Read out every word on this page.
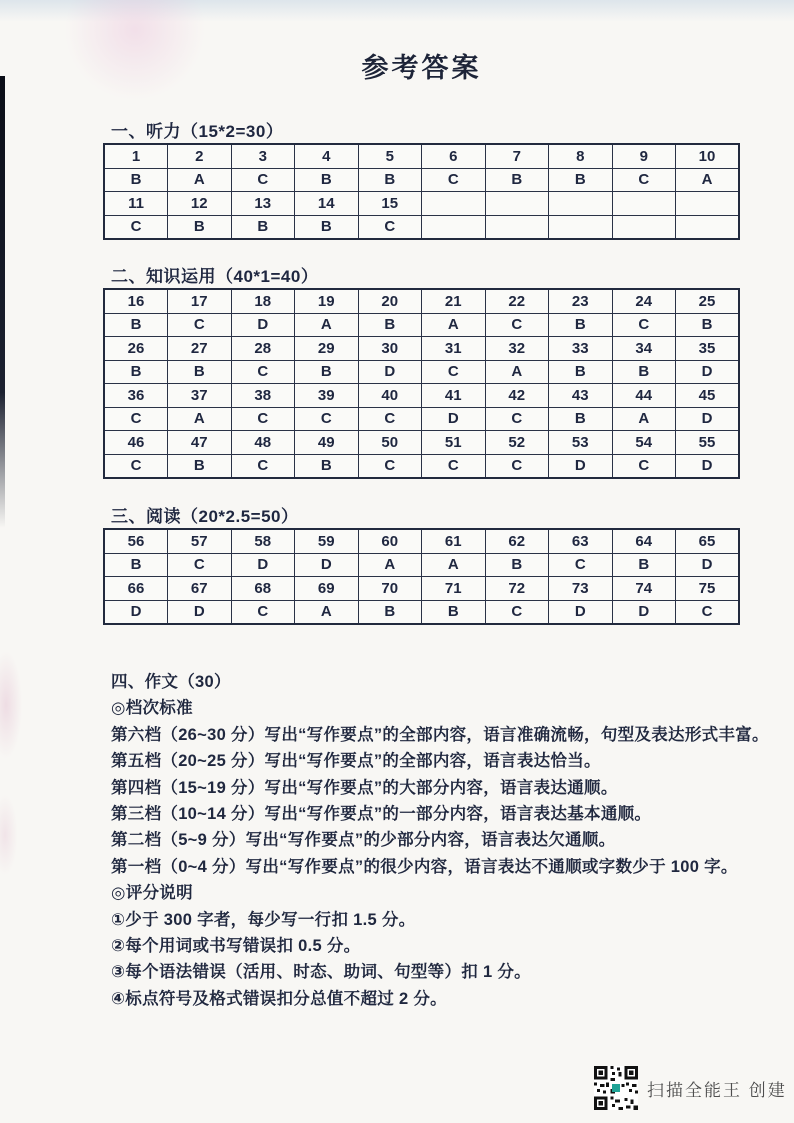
参考答案
一、听力（15*2=30）
1	2	3	4	5	6	7	8	9	10
B	A	C	B	B	C	B	B	C	A
11	12	13	14	15					
C	B	B	B	C					
二、知识运用（40*1=40）
16	17	18	19	20	21	22	23	24	25
B	C	D	A	B	A	C	B	C	B
26	27	28	29	30	31	32	33	34	35
B	B	C	B	D	C	A	B	B	D
36	37	38	39	40	41	42	43	44	45
C	A	C	C	C	D	C	B	A	D
46	47	48	49	50	51	52	53	54	55
C	B	C	B	C	C	C	D	C	D
三、阅读（20*2.5=50）
56	57	58	59	60	61	62	63	64	65
B	C	D	D	A	A	B	C	B	D
66	67	68	69	70	71	72	73	74	75
D	D	C	A	B	B	C	D	D	C
四、作文（30）
◎档次标准
第六档（26~30 分）写出“写作要点”的全部内容，语言准确流畅，句型及表达形式丰富。
第五档（20~25 分）写出“写作要点”的全部内容，语言表达恰当。
第四档（15~19 分）写出“写作要点”的大部分内容，语言表达通顺。
第三档（10~14 分）写出“写作要点”的一部分内容，语言表达基本通顺。
第二档（5~9 分）写出“写作要点”的少部分内容，语言表达欠通顺。
第一档（0~4 分）写出“写作要点”的很少内容，语言表达不通顺或字数少于 100 字。
◎评分说明
①少于 300 字者，每少写一行扣 1.5 分。
②每个用词或书写错误扣 0.5 分。
③每个语法错误（活用、时态、助词、句型等）扣 1 分。
④标点符号及格式错误扣分总值不超过 2 分。
扫描全能王 创建
